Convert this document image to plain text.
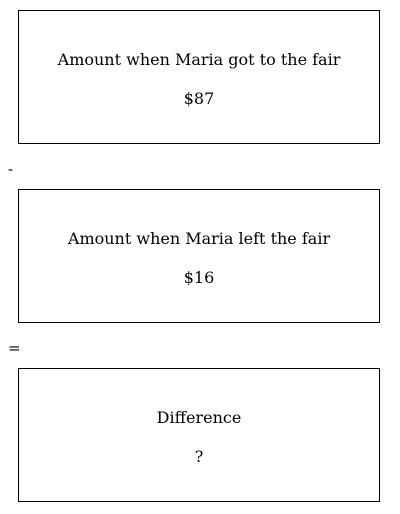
Amount when Maria got to the fair
$87
-
Amount when Maria left the fair
$16
=
Difference
?
